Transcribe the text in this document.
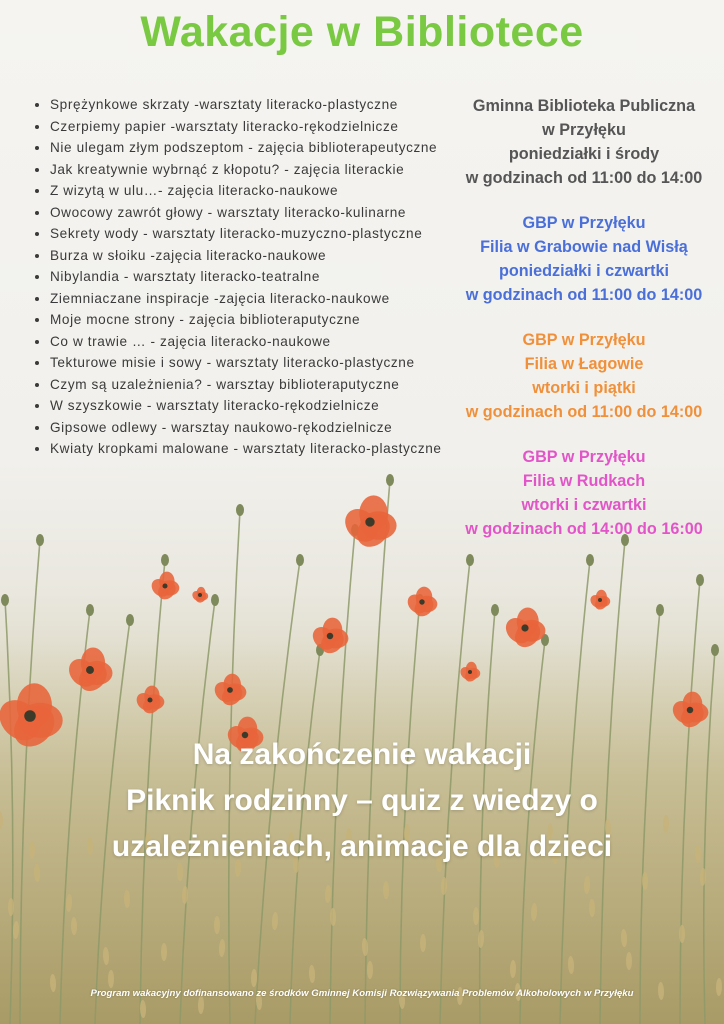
Wakacje w Bibliotece
• Sprężynkowe skrzaty -warsztaty literacko-plastyczne
• Czerpiemy papier -warsztaty literacko-rękodzielnicze
• Nie ulegam złym podszeptom - zajęcia biblioterapeutyczne
• Jak kreatywnie wybrnąć z kłopotu? - zajęcia literackie
• Z wizytą w ulu…- zajęcia literacko-naukowe
• Owocowy zawrót głowy - warsztaty literacko-kulinarne
• Sekrety wody - warsztaty literacko-muzyczno-plastyczne
• Burza w słoiku -zajęcia literacko-naukowe
• Nibylandia - warsztaty literacko-teatralne
• Ziemniaczane inspiracje -zajęcia literacko-naukowe
• Moje mocne strony - zajęcia biblioteraputyczne
• Co w trawie … - zajęcia literacko-naukowe
• Tekturowe misie i sowy - warsztaty literacko-plastyczne
• Czym są uzależnienia? - warsztay biblioteraputyczne
• W szyszkowie - warsztaty literacko-rękodzielnicze
• Gipsowe odlewy - warsztay naukowo-rękodzielnicze
• Kwiaty kropkami malowane - warsztaty literacko-plastyczne
Gminna Biblioteka Publiczna
w Przyłęku
poniedziałki i środy
w godzinach od 11:00 do 14:00
GBP w Przyłęku
Filia w Grabowie nad Wisłą
poniedziałki i czwartki
w godzinach od 11:00 do 14:00
GBP w Przyłęku
Filia w Łagowie
wtorki i piątki
w godzinach od 11:00 do 14:00
GBP w Przyłęku
Filia w Rudkach
wtorki i czwartki
w godzinach od 14:00 do 16:00
Na zakończenie wakacji
Piknik rodzinny – quiz z wiedzy o
uzależnieniach, animacje dla dzieci
Program wakacyjny dofinansowano ze środków Gminnej Komisji Rozwiązywania Problemów Alkoholowych w Przyłęku
